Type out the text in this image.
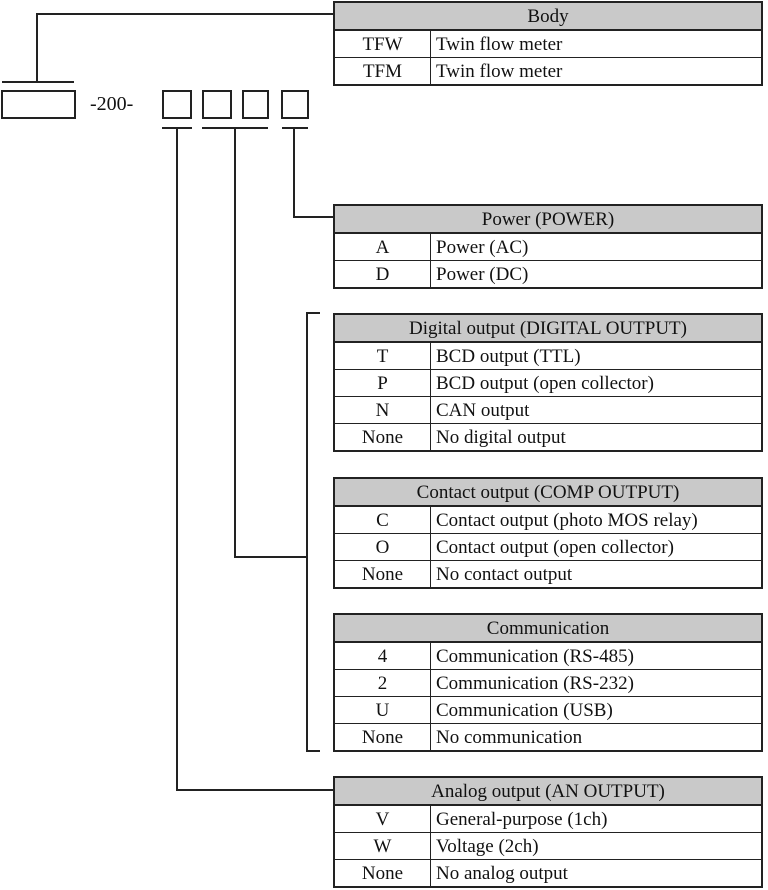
-200-
Body	
TFW	Twin flow meter
TFM	Twin flow meter
Power (POWER)	
A	Power (AC)
D	Power (DC)
Digital output (DIGITAL OUTPUT)	
T	BCD output (TTL)
P	BCD output (open collector)
N	CAN output
None	No digital output
Contact output (COMP OUTPUT)	
C	Contact output (photo MOS relay)
O	Contact output (open collector)
None	No contact output
Communication	
4	Communication (RS-485)
2	Communication (RS-232)
U	Communication (USB)
None	No communication
Analog output (AN OUTPUT)	
V	General-purpose (1ch)
W	Voltage (2ch)
None	No analog output
